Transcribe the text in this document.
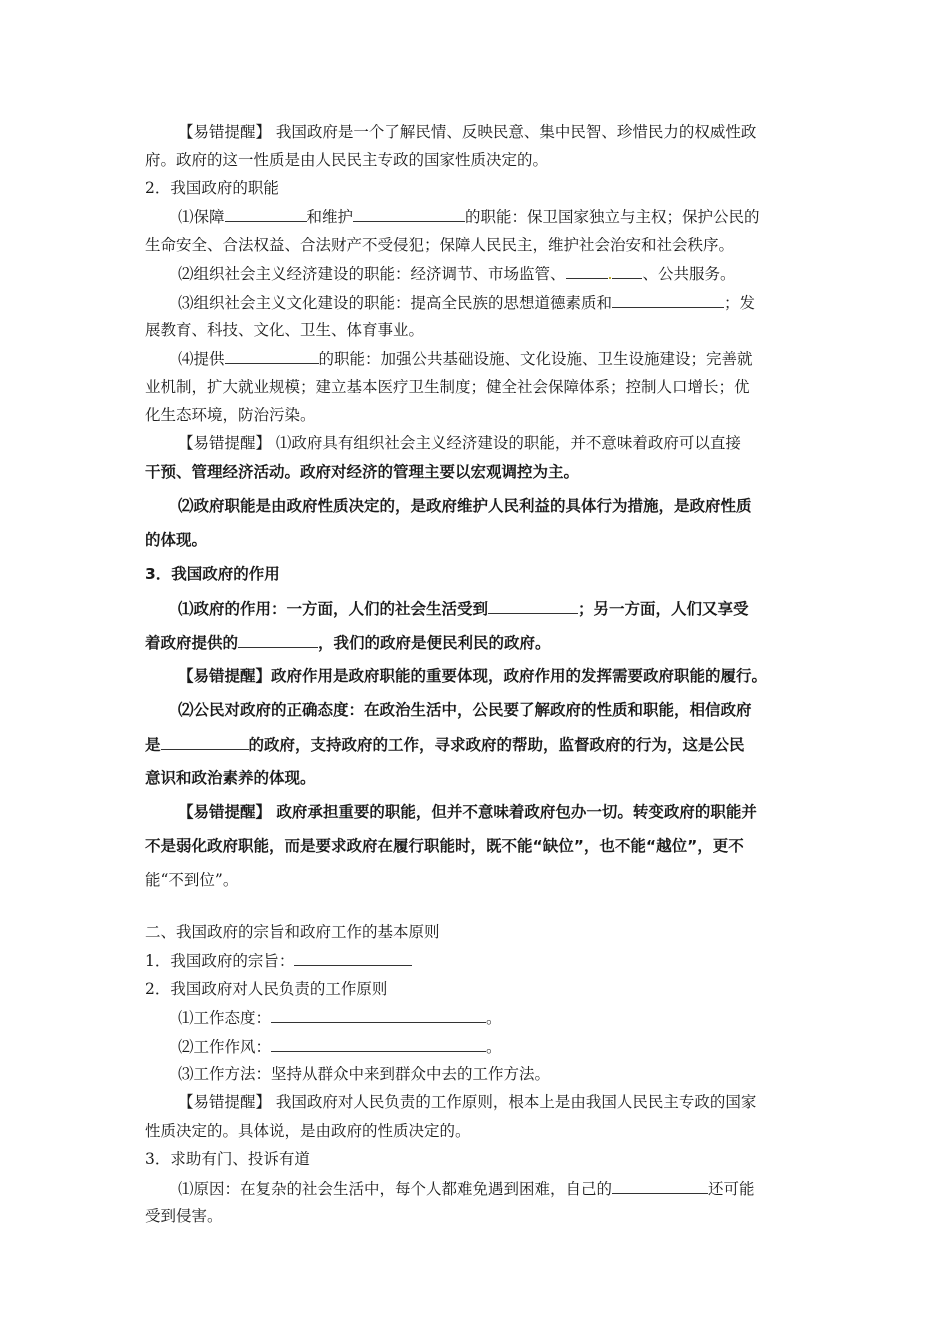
【易错提醒】 我国政府是一个了解民情、反映民意、集中民智、珍惜民力的权威性政
府。政府的这一性质是由人民民主专政的国家性质决定的。
2．我国政府的职能
⑴保障	和维护	的职能：保卫国家独立与主权；保护公民的
生命安全、合法权益、合法财产不受侵犯；保障人民民主，维护社会治安和社会秩序。
⑵组织社会主义经济建设的职能：经济调节、市场监管、	. 、公共服务。
⑶组织社会主义文化建设的职能：提高全民族的思想道德素质和	；发
展教育、科技、文化、卫生、体育事业。
⑷提供	的职能：加强公共基础设施、文化设施、卫生设施建设；完善就
业机制，扩大就业规模；建立基本医疗卫生制度；健全社会保障体系；控制人口增长；优
化生态环境，防治污染。
【易错提醒】 ⑴政府具有组织社会主义经济建设的职能，并不意味着政府可以直接
干预、管理经济活动。政府对经济的管理主要以宏观调控为主。
⑵政府职能是由政府性质决定的，是政府维护人民利益的具体行为措施，是政府性质
的体现。
3．我国政府的作用
⑴政府的作用：一方面，人们的社会生活受到	；另一方面，人们又享受
着政府提供的	，我们的政府是便民利民的政府。
【易错提醒】政府作用是政府职能的重要体现，政府作用的发挥需要政府职能的履行。
⑵公民对政府的正确态度：在政治生活中，公民要了解政府的性质和职能，相信政府
是	的政府，支持政府的工作，寻求政府的帮助，监督政府的行为，这是公民
意识和政治素养的体现。
【易错提醒】 政府承担重要的职能，但并不意味着政府包办一切。转变政府的职能并
不是弱化政府职能，而是要求政府在履行职能时，既不能“缺位”，也不能“越位”，更不
能“不到位”。
二、我国政府的宗旨和政府工作的基本原则
1．我国政府的宗旨：
2．我国政府对人民负责的工作原则
⑴工作态度：	。
⑵工作作风：	。
⑶工作方法：坚持从群众中来到群众中去的工作方法。
【易错提醒】 我国政府对人民负责的工作原则，根本上是由我国人民民主专政的国家
性质决定的。具体说，是由政府的性质决定的。
3．求助有门、投诉有道
⑴原因：在复杂的社会生活中，每个人都难免遇到困难，自己的	还可能
受到侵害。
